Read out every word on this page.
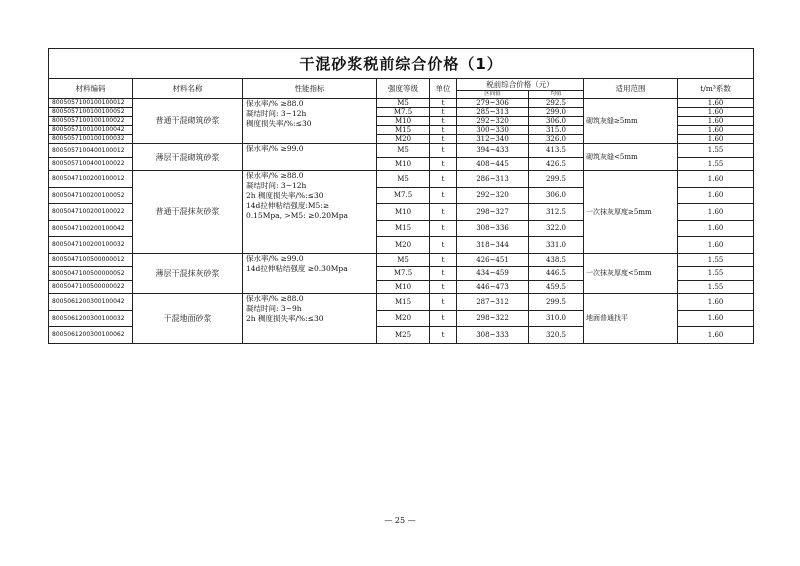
干混砂浆税前综合价格（1）								
材料编码	材料名称	性能指标	强度等级	单位	税前综合价格（元）		适用范围	t/m³系数
					区间值	均值		
8005057100100100012	普通干混砌筑砂浆	保水率/% ≥88.0
凝结时间: 3~12h
稠度损失率/%:≤30	M5	t	279~306	292.5	砌筑灰缝≥5mm	1.60
8005057100100100052			M7.5	t	285~313	299.0		1.60
8005057100100100022			M10	t	292~320	306.0		1.60
8005057100100100042			M15	t	300~330	315.0		1.60
8005057100100100032			M20	t	312~340	326.0		1.60
8005057100400100012	薄层干混砌筑砂浆	保水率/% ≥99.0	M5	t	394~433	413.5	砌筑灰缝<5mm	1.55
8005057100400100022			M10	t	408~445	426.5		1.55
8005047100200100012	普通干混抹灰砂浆	保水率/% ≥88.0
凝结时间: 3~12h
2h 稠度损失率/%:≤30
14d拉伸粘结强度:M5:≥
0.15Mpa, >M5: ≥0.20Mpa	M5	t	286~313	299.5	一次抹灰厚度≥5mm	1.60
8005047100200100052			M7.5	t	292~320	306.0		1.60
8005047100200100022			M10	t	298~327	312.5		1.60
8005047100200100042			M15	t	308~336	322.0		1.60
8005047100200100032			M20	t	318~344	331.0		1.60
8005047100500000012	薄层干混抹灰砂浆	保水率/% ≥99.0
14d拉伸粘结强度 ≥0.30Mpa	M5	t	426~451	438.5	一次抹灰厚度<5mm	1.55
8005047100500000052			M7.5	t	434~459	446.5		1.55
8005047100500000022			M10	t	446~473	459.5		1.55
8005061200300100042	干混地面砂浆	保水率/% ≥88.0
凝结时间: 3~9h
2h 稠度损失率/%:≤30	M15	t	287~312	299.5	地面普通找平	1.60
8005061200300100032			M20	t	298~322	310.0		1.60
8005061200300100062			M25	t	308~333	320.5		1.60
— 25 —
